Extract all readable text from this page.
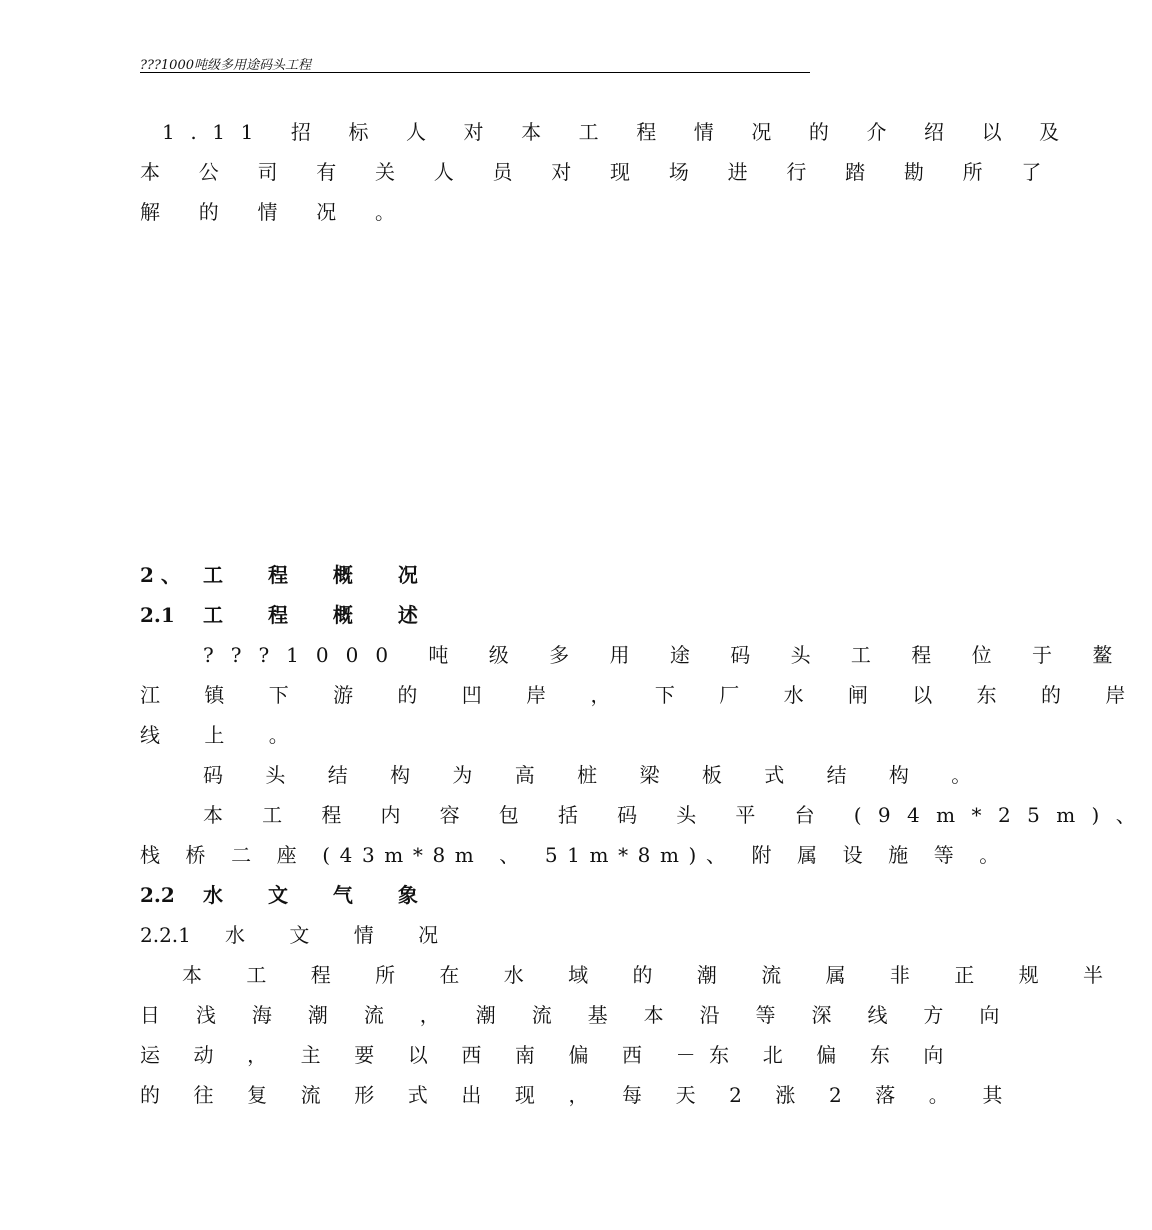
???1000吨级多用途码头工程
1.11 招 标 人 对 本 工 程 情 况 的 介 绍 以 及
本 公 司 有 关 人 员 对 现 场 进 行 踏 勘 所 了
解 的 情 况 。
2 、 工 程 概 况
2.1 工 程 概 述
???1000 吨 级 多 用 途 码 头 工 程 位 于 鳌
江 镇 下 游 的 凹 岸 ， 下 厂 水 闸 以 东 的 岸
线 上 。
码 头 结 构 为 高 桩 梁 板 式 结 构 。
本 工 程 内 容 包 括 码 头 平 台 (94m*25m)、
栈 桥 二 座 (43m*8m 、 51m*8m)、 附 属 设 施 等 。
2.2 水 文 气 象
2.2.1 水 文 情 况
本 工 程 所 在 水 域 的 潮 流 属 非 正 规 半
日 浅 海 潮 流 ， 潮 流 基 本 沿 等 深 线 方 向
运 动 ， 主 要 以 西 南 偏 西 －东 北 偏 东 向
的 往 复 流 形 式 出 现 ， 每 天 2 涨 2 落 。 其
